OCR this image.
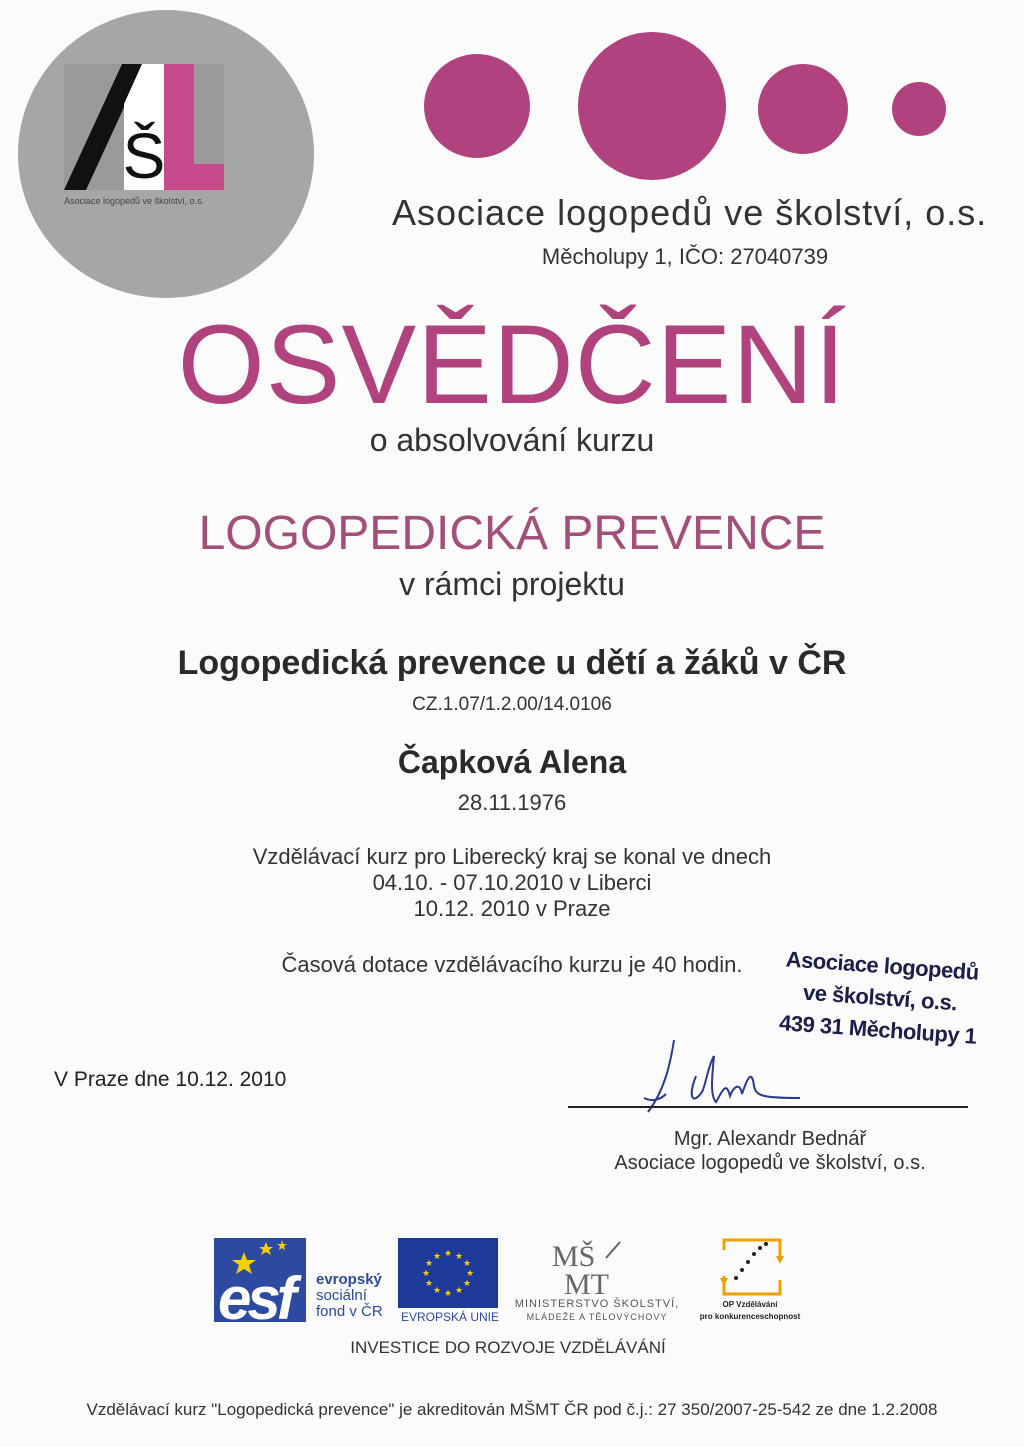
Š
Asociace logopedů ve školství, o.s.	Asociace logopedů ve školství, o.s.
Měcholupy 1, IČO: 27040739
OSVĚDČENÍ
o absolvování kurzu
LOGOPEDICKÁ PREVENCE
v rámci projektu
Logopedická prevence u dětí a žáků v ČR
CZ.1.07/1.2.00/14.0106
Čapková Alena
28.11.1976
Vzdělávací kurz pro Liberecký kraj se konal ve dnech
04.10. - 07.10.2010 v Liberci
10.12. 2010 v Praze
Časová dotace vzdělávacího kurzu je 40 hodin.	Asociace logopedů
ve školství, o.s.
439 31 Měcholupy 1
V Praze dne 10.12. 2010
Mgr. Alexandr Bednář
Asociace logopedů ve školství, o.s.
esf evropský
sociální
fond v ČR
★ ★
★
★
★
★
★
★
★
★
★
★
EVROPSKÁ UNIE
MŠ
MT
MINISTERSTVO ŠKOLSTVÍ,
MLÁDEŽE A TĚLOVÝCHOVY
OP Vzdělávání
pro konkurenceschopnost
INVESTICE DO ROZVOJE VZDĚLÁVÁNÍ
Vzdělávací kurz "Logopedická prevence" je akreditován MŠMT ČR pod č.j.: 27 350/2007-25-542 ze dne 1.2.2008
